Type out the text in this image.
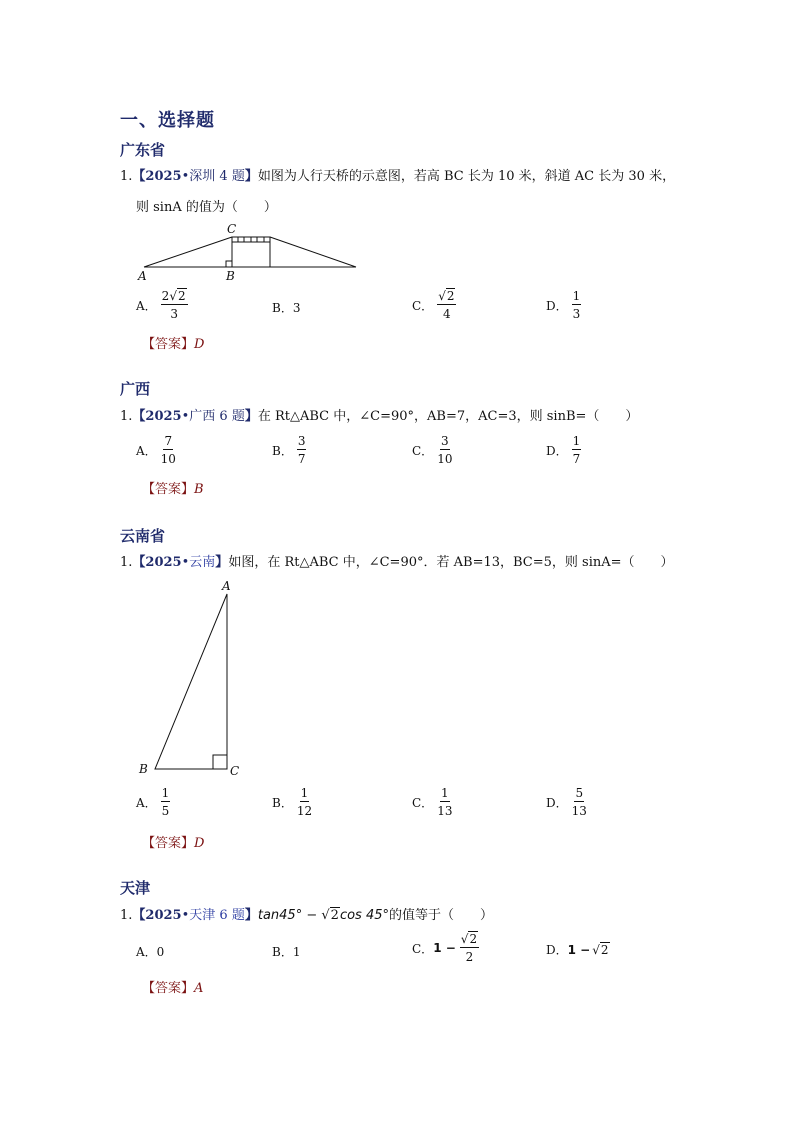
一、选择题
广东省
1.【2025•深圳 4 题】如图为人行天桥的示意图，若高 BC 长为 10 米，斜道 AC 长为 30 米，
则 sinA 的值为（　　）
A	B
C
A． $\frac{2√2}{3}$	B． 3	C． $\frac{√2}{4}$	D． $\frac{1}{3}$
【答案】D
广西
1.【2025•广西 6 题】在 Rt△ABC 中，∠C=90°，AB=7，AC=3，则 sinB=（　　）
A． $\frac{7}{10}$	B． $\frac{3}{7}$	C． $\frac{3}{10}$	D． $\frac{1}{7}$
【答案】B
云南省
1.【2025•云南】如图，在 Rt△ABC 中，∠C=90°．若 AB=13，BC=5，则 sinA=（　　）
A
B	C
A． $\frac{1}{5}$	B． $\frac{1}{12}$	C． $\frac{1}{13}$	D． $\frac{5}{13}$
【答案】D
天津
1.【2025•天津 6 题】tan45° − √2cos 45°的值等于（　　）
A． 0	B． 1	C． $1 - \frac{√2}{2}$	D． 1 − √2
【答案】A
